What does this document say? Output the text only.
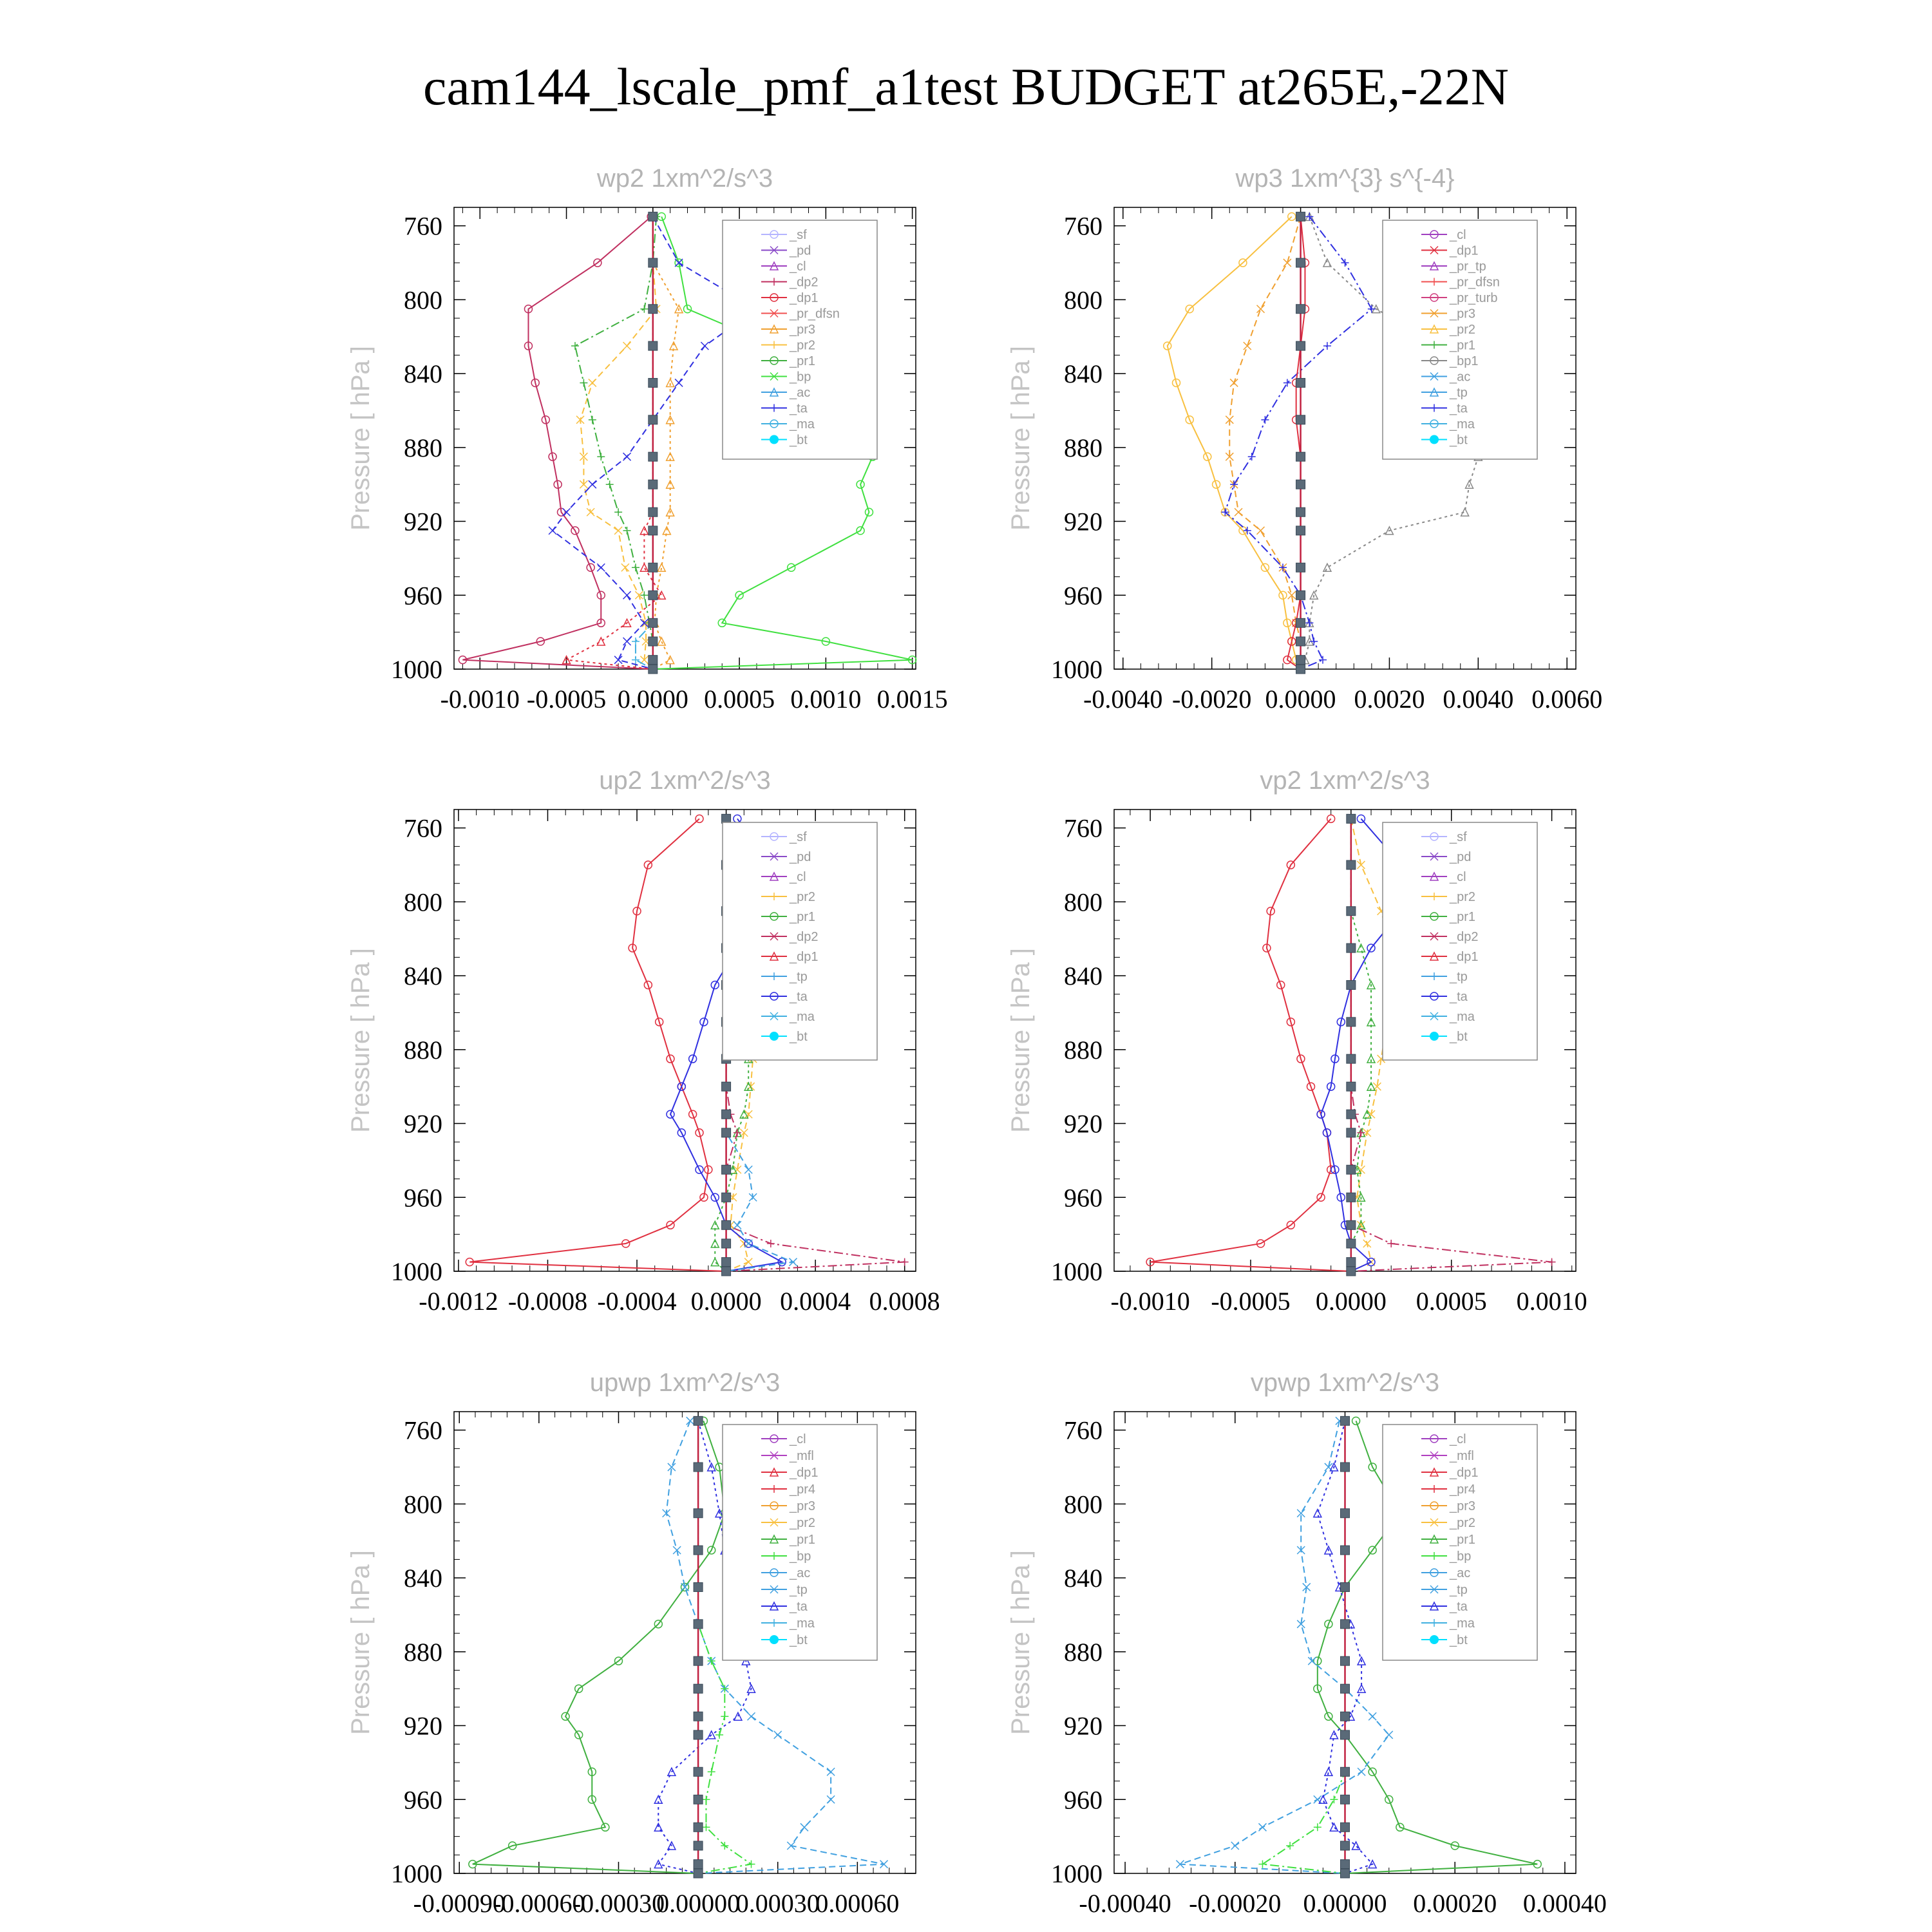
cam144_lscale_pmf_a1test BUDGET at265E,-22N
wp2 1xm^2/s^3
Pressure [ hPa ]
760
800
840
880
920
960
1000
-0.0010 -0.0005 0.0000 0.0005 0.0010 0.0015
_sf
_pd
_cl
_dp2
_dp1
_pr_dfsn
_pr3
_pr2
_pr1
_bp
_ac
_ta
_ma
_bt
wp3 1xm^{3} s^{-4}
Pressure [ hPa ]
760
800
840
880
920
960
1000
-0.0040 -0.0020 0.0000 0.0020 0.0040 0.0060
_cl
_dp1
_pr_tp
_pr_dfsn
_pr_turb
_pr3
_pr2
_pr1
_bp1
_ac
_tp
_ta
_ma
_bt
up2 1xm^2/s^3
Pressure [ hPa ]
760
800
840
880
920
960
1000
-0.0012 -0.0008 -0.0004 0.0000 0.0004 0.0008
_sf
_pd
_cl
_pr2
_pr1
_dp2
_dp1
_tp
_ta
_ma
_bt
vp2 1xm^2/s^3
Pressure [ hPa ]
760
800
840
880
920
960
1000
-0.0010 -0.0005 0.0000 0.0005 0.0010
_sf
_pd
_cl
_pr2
_pr1
_dp2
_dp1
_tp
_ta
_ma
_bt
upwp 1xm^2/s^3
Pressure [ hPa ]
760
800
840
880
920
960
1000
-0.00090
-0.00060
-0.00030
0.00000
0.00030
0.00060
_cl
_mfl
_dp1
_pr4
_pr3
_pr2
_pr1
_bp
_ac
_tp
_ta
_ma
_bt
vpwp 1xm^2/s^3
Pressure [ hPa ]
760
800
840
880
920
960
1000
-0.00040 -0.00020 0.00000 0.00020 0.00040
_cl
_mfl
_dp1
_pr4
_pr3
_pr2
_pr1
_bp
_ac
_tp
_ta
_ma
_bt
